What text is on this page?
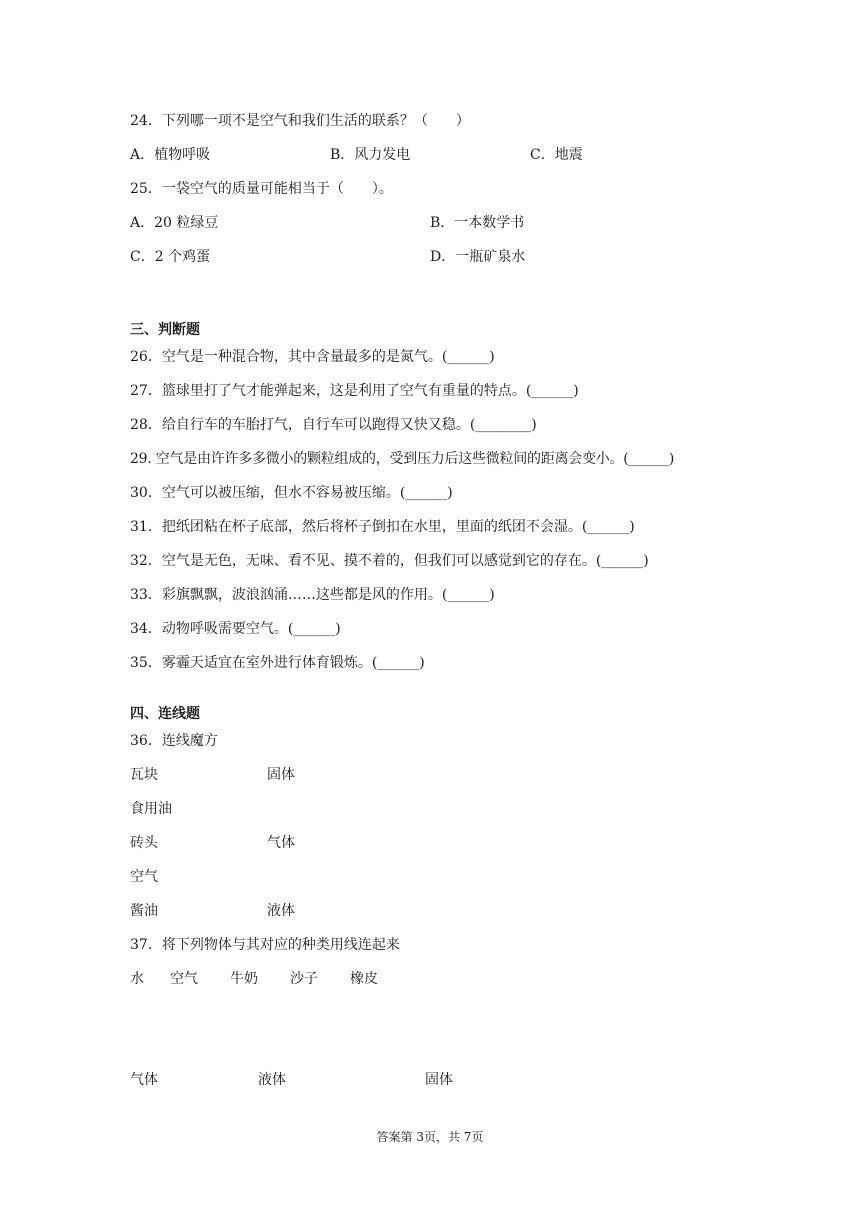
24．下列哪一项不是空气和我们生活的联系？（　　）
A．植物呼吸	B．风力发电	C．地震
25．一袋空气的质量可能相当于（　　）。
A．20 粒绿豆	B．一本数学书
C．2 个鸡蛋	D．一瓶矿泉水
三、判断题
26．空气是一种混合物，其中含量最多的是氮气。(______)
27．篮球里打了气才能弹起来，这是利用了空气有重量的特点。(______)
28．给自行车的车胎打气，自行车可以跑得又快又稳。(________)
29. 空气是由许许多多微小的颗粒组成的，受到压力后这些微粒间的距离会变小。(______)
30．空气可以被压缩，但水不容易被压缩。(______)
31．把纸团粘在杯子底部，然后将杯子倒扣在水里，里面的纸团不会湿。(______)
32．空气是无色，无味、看不见、摸不着的，但我们可以感觉到它的存在。(______)
33．彩旗飘飘，波浪汹涌……这些都是风的作用。(______)
34．动物呼吸需要空气。(______)
35．雾霾天适宜在室外进行体育锻炼。(______)
四、连线题
36．连线魔方
瓦块	固体
食用油
砖头	气体
空气
酱油	液体
37．将下列物体与其对应的种类用线连起来
水 空气 牛奶 沙子 橡皮
气体	液体	固体
答案第 3页，共 7页
